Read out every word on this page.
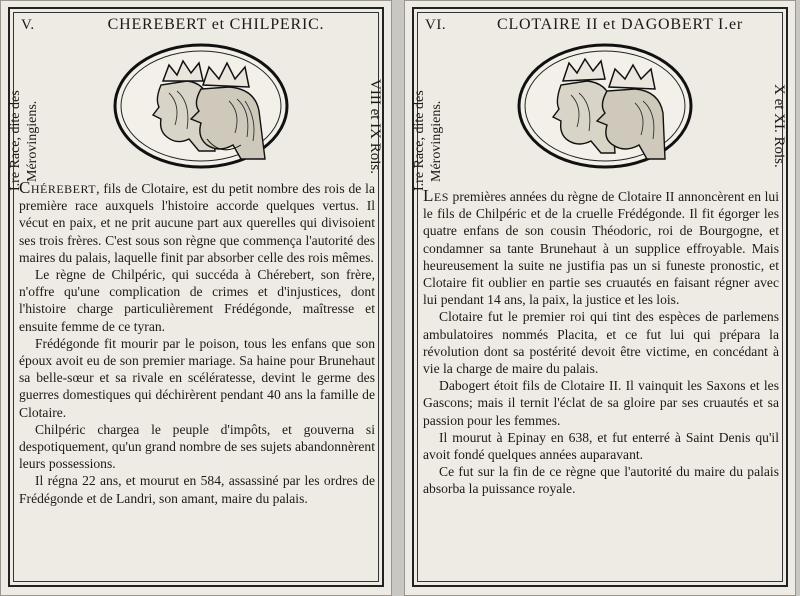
V.	CHEREBERT et CHILPERIC.
I.re Race, dite des Mérovingiens.	VIII et IX Rois.

Chérebert, fils de Clotaire, est du petit nombre des rois de la première race auxquels l'histoire accorde quelques vertus. Il vécut en paix, et ne prit aucune part aux querelles qui divisoient ses trois frères. C'est sous son règne que commença l'autorité des maires du palais, laquelle finit par absorber celle des rois mêmes.

Le règne de Chilpéric, qui succéda à Chérebert, son frère, n'offre qu'une complication de crimes et d'injustices, dont l'histoire charge particulièrement Frédégonde, maîtresse et ensuite femme de ce tyran.

Frédégonde fit mourir par le poison, tous les enfans que son époux avoit eu de son premier mariage. Sa haine pour Brunehaut sa belle-sœur et sa rivale en scélératesse, devint le germe des guerres domestiques qui déchirèrent pendant 40 ans la famille de Clotaire.

Chilpéric chargea le peuple d'impôts, et gouverna si despotiquement, qu'un grand nombre de ses sujets abandonnèrent leurs possessions.

Il régna 22 ans, et mourut en 584, assassiné par les ordres de Frédégonde et de Landri, son amant, maire du palais.

VI.	CLOTAIRE II et DAGOBERT I.er
I.re Race, dite des Mérovingiens.	X et XI. Rois.

Les premières années du règne de Clotaire II annoncèrent en lui le fils de Chilpéric et de la cruelle Frédégonde. Il fit égorger les quatre enfans de son cousin Théodoric, roi de Bourgogne, et condamner sa tante Brunehaut à un supplice effroyable. Mais heureusement la suite ne justifia pas un si funeste pronostic, et Clotaire fit oublier en partie ses cruautés en faisant régner avec lui pendant 14 ans, la paix, la justice et les lois.

Clotaire fut le premier roi qui tint des espèces de parlemens ambulatoires nommés Placita, et ce fut lui qui prépara la révolution dont sa postérité devoit être victime, en concédant à vie la charge de maire du palais.

Dabogert étoit fils de Clotaire II. Il vainquit les Saxons et les Gascons; mais il ternit l'éclat de sa gloire par ses cruautés et sa passion pour les femmes.

Il mourut à Epinay en 638, et fut enterré à Saint Denis qu'il avoit fondé quelques années auparavant.

Ce fut sur la fin de ce règne que l'autorité du maire du palais absorba la puissance royale.
